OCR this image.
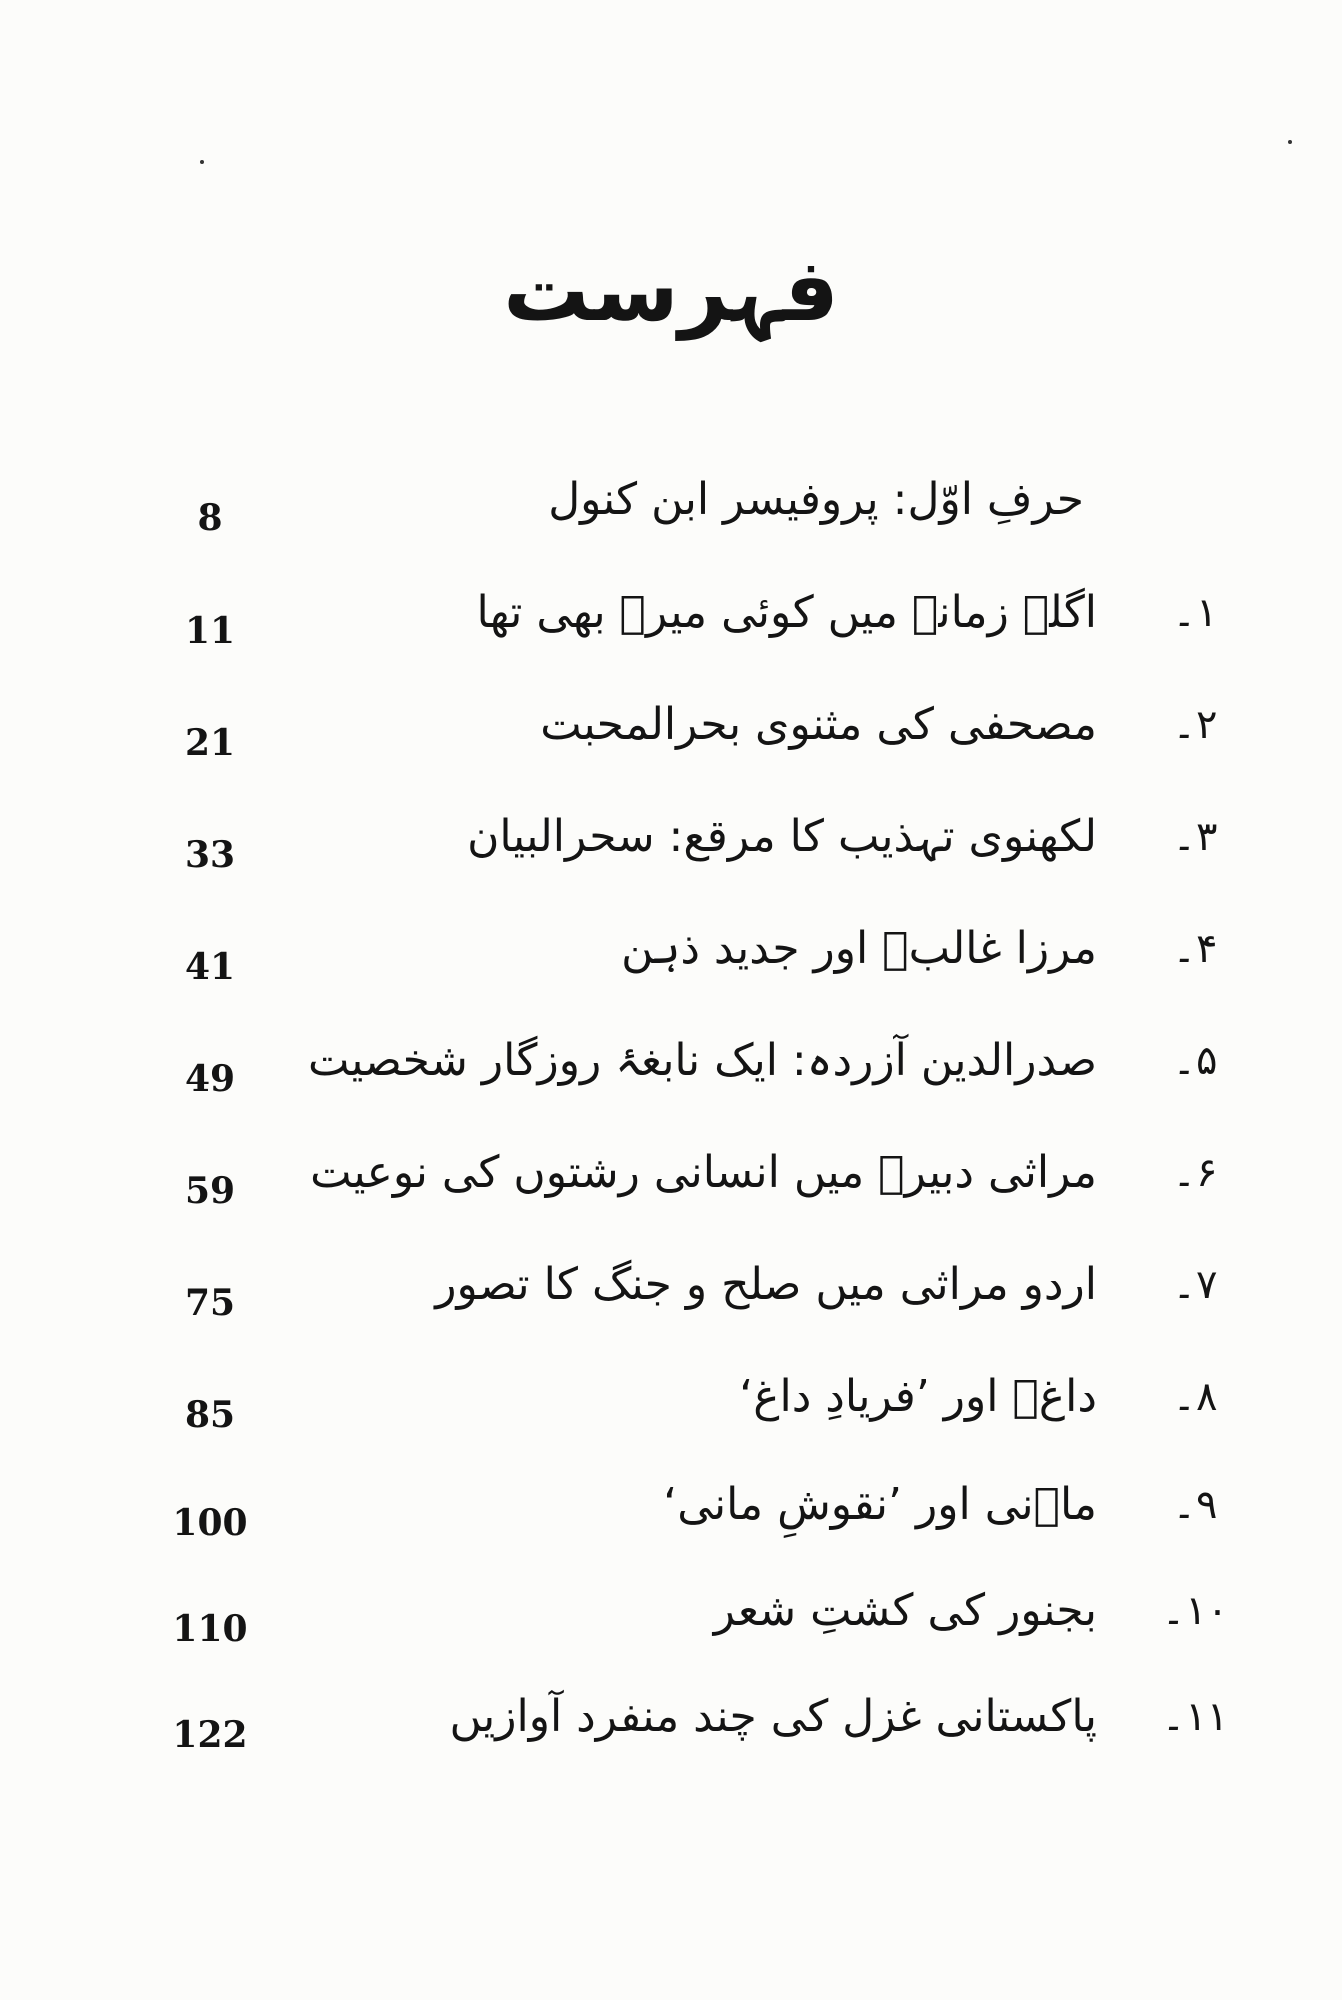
فہرست
حرفِ اوّل: پروفیسر ابن کنول
8
۱۔
اگلے زمانے میں کوئی میرؔ بھی تھا
11
۲۔
مصحفی کی مثنوی بحرالمحبت
21
۳۔
لکھنوی تہذیب کا مرقع: سحرالبیان
33
۴۔
مرزا غالبؔ اور جدید ذہن
41
۵۔
صدرالدین آزردہ: ایک نابغۂ روزگار شخصیت
49
۶۔
مراثی دبیرؔ میں انسانی رشتوں کی نوعیت
59
۷۔
اردو مراثی میں صلح و جنگ کا تصور
75
۸۔
داغؔ اور ’فریادِ داغ‘
85
۹۔
ماؔنی اور ’نقوشِ مانی‘
100
۱۰۔
بجنور کی کشتِ شعر
110
۱۱۔
پاکستانی غزل کی چند منفرد آوازیں
122
